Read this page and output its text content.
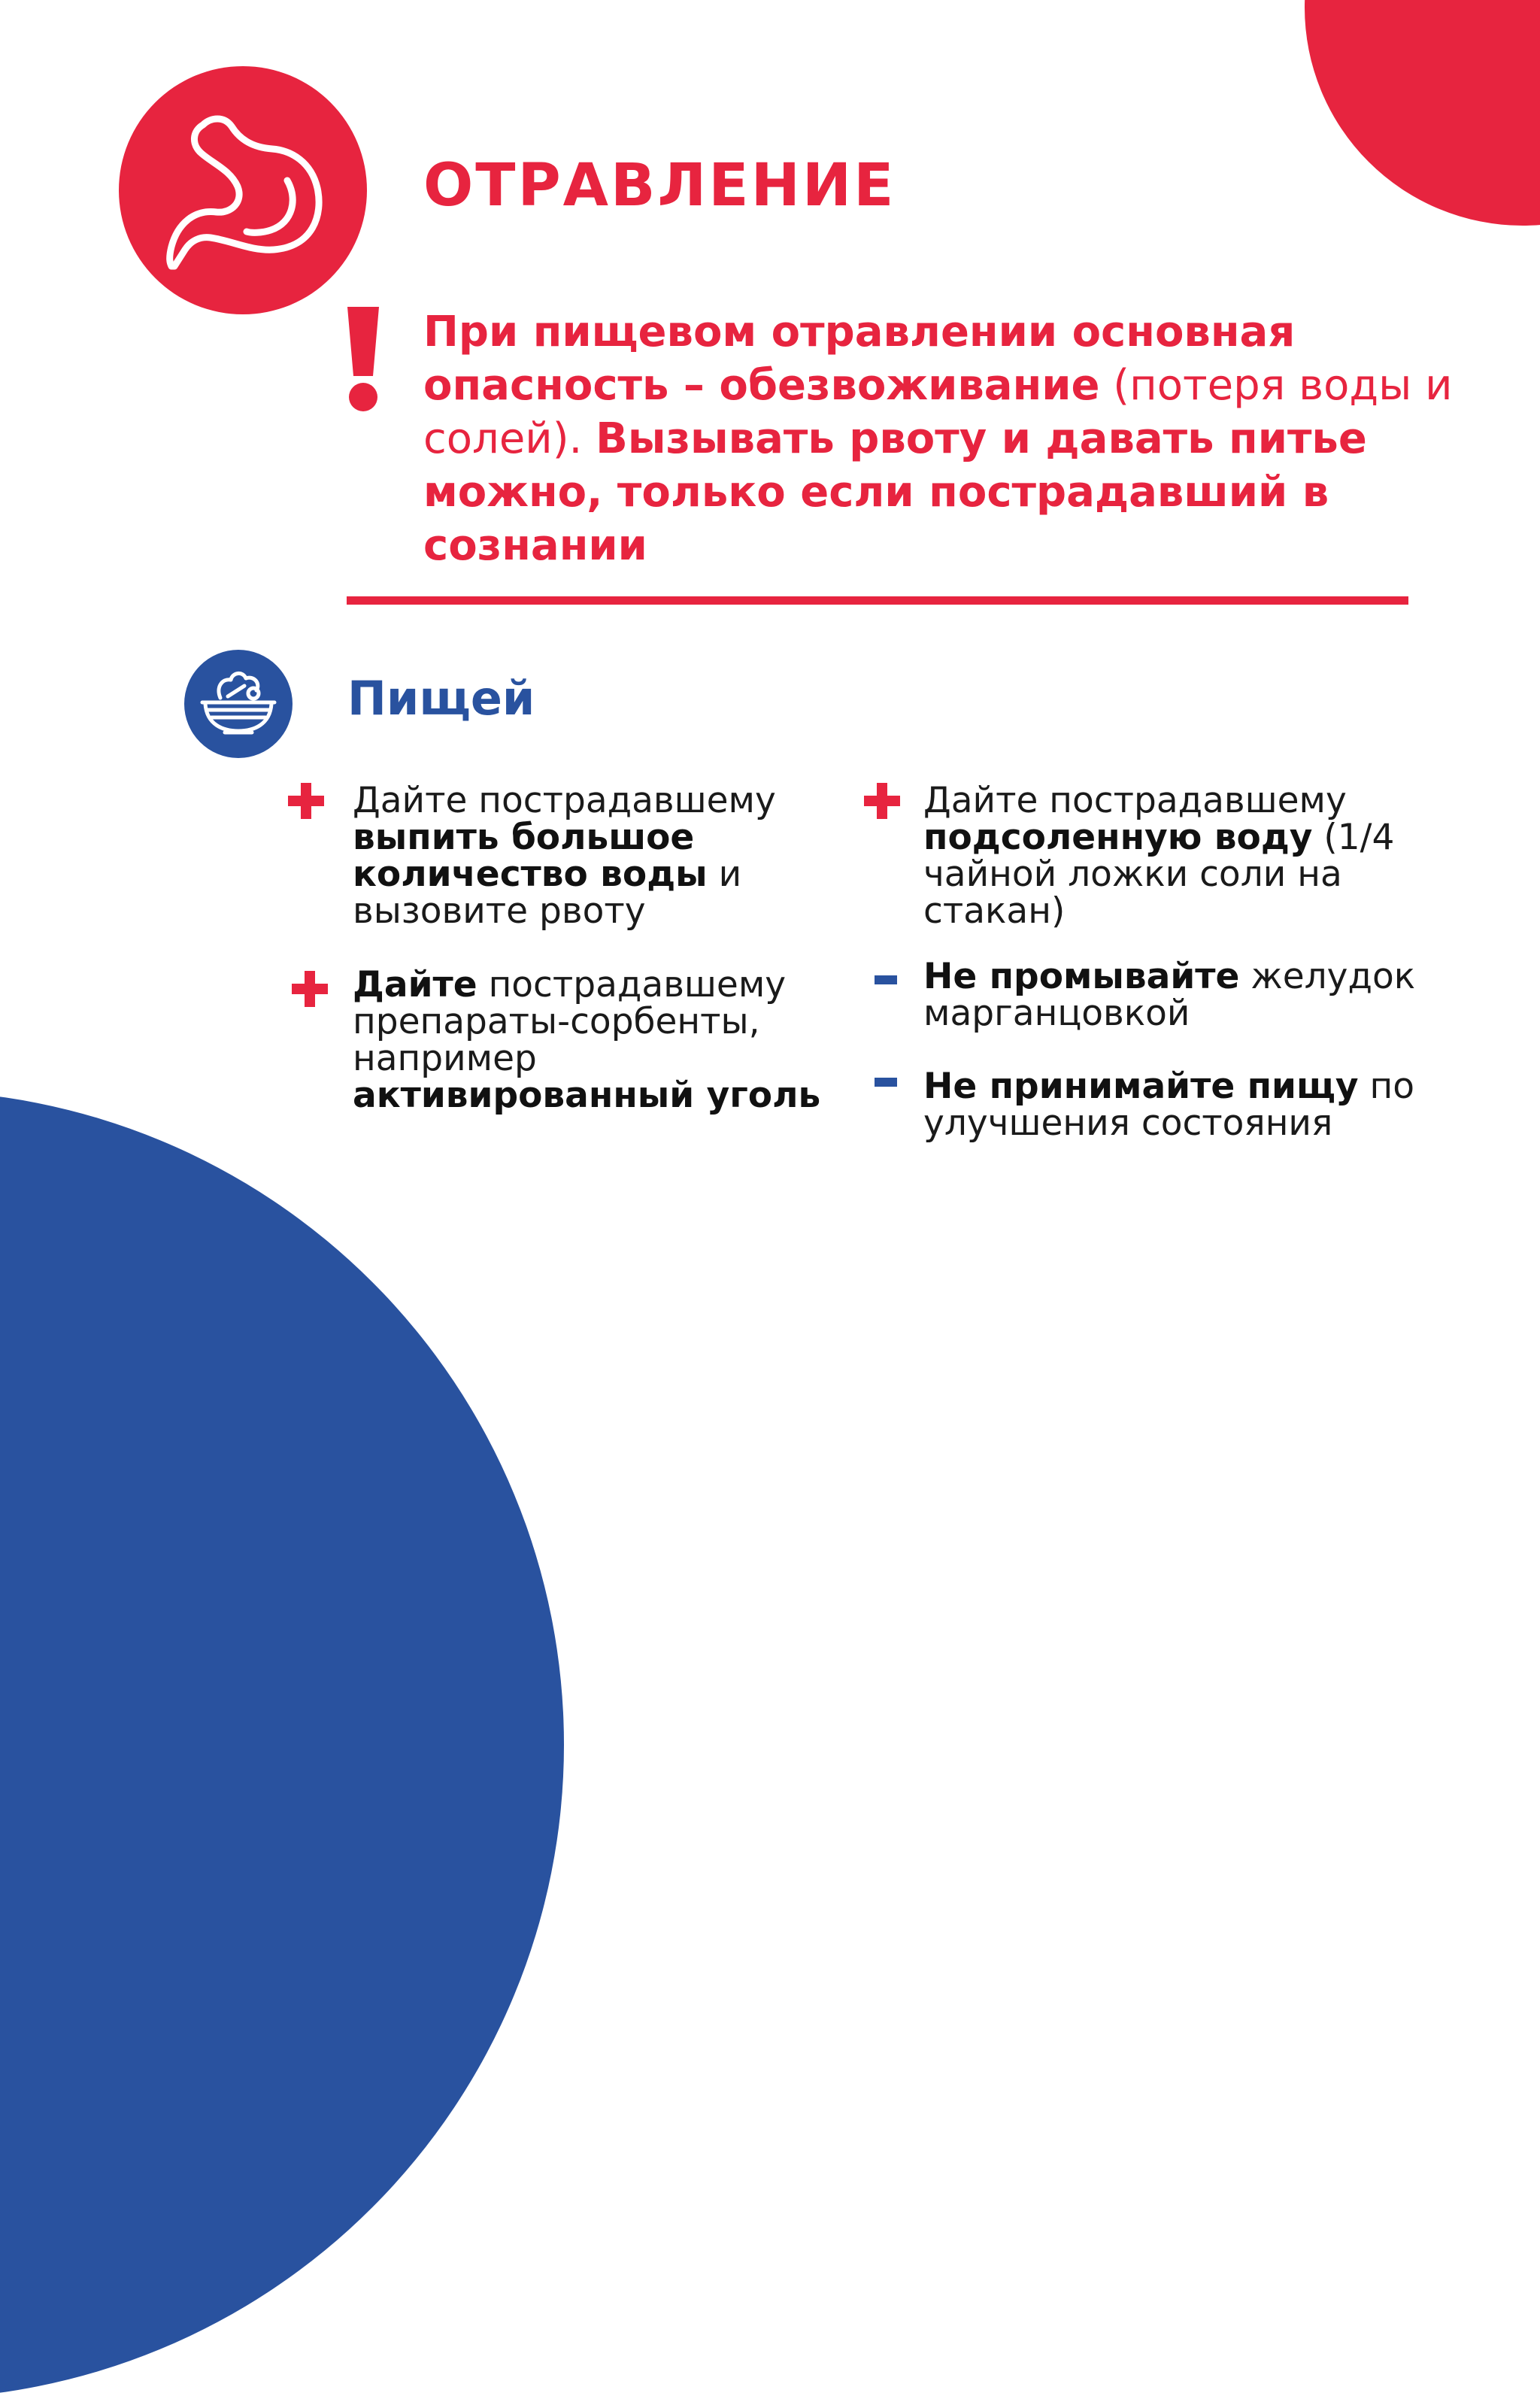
ОТРАВЛЕНИЕ
При пищевом отравлении основная опасность – обезвоживание (потеря воды и солей). Вызывать рвоту и давать питье можно, только если пострадавший в сознании
Пищей
Дайте пострадавшему выпить большое количество воды и вызовите рвоту
Дайте пострадавшему препараты-сорбенты, например активированный уголь
Дайте пострадавшему подсоленную воду (1/4 чайной ложки соли на стакан)
Не промывайте желудок марганцовкой
Не принимайте пищу по улучшения состояния
